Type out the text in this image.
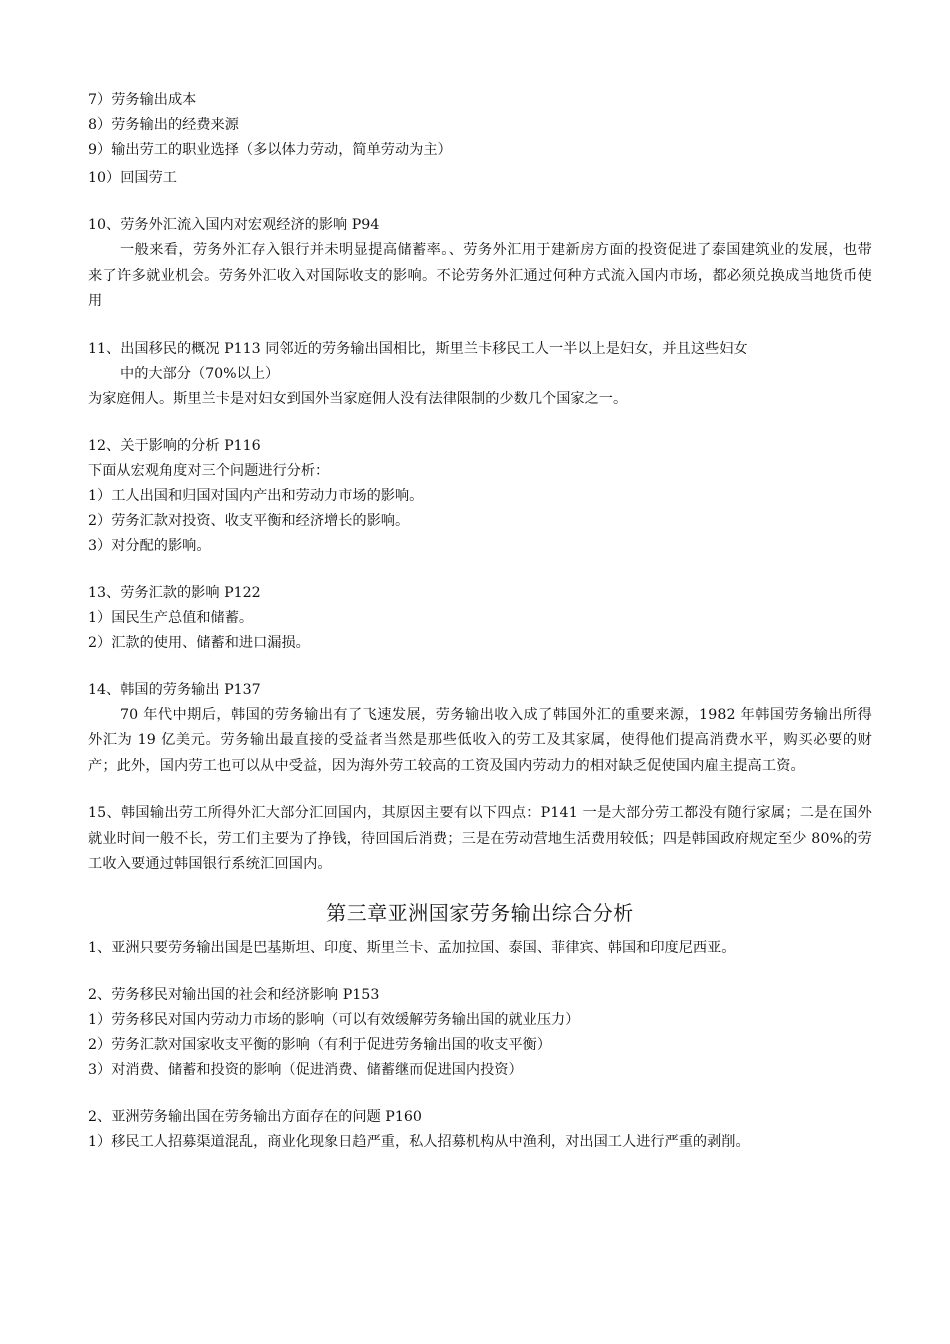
7）劳务输出成本
8）劳务输出的经费来源
9）输出劳工的职业选择（多以体力劳动，简单劳动为主）
10）回国劳工
10、劳务外汇流入国内对宏观经济的影响 P94
一般来看，劳务外汇存入银行并未明显提高储蓄率。、劳务外汇用于建新房方面的投资促进了泰国建筑业的发展，也带来了许多就业机会。劳务外汇收入对国际收支的影响。不论劳务外汇通过何种方式流入国内市场，都必须兑换成当地货币使用
11、出国移民的概况 P113 同邻近的劳务输出国相比，斯里兰卡移民工人一半以上是妇女，并且这些妇女
中的大部分（70%以上）
为家庭佣人。斯里兰卡是对妇女到国外当家庭佣人没有法律限制的少数几个国家之一。
12、关于影响的分析 P116
下面从宏观角度对三个问题进行分析：
1）工人出国和归国对国内产出和劳动力市场的影响。
2）劳务汇款对投资、收支平衡和经济增长的影响。
3）对分配的影响。
13、劳务汇款的影响 P122
1）国民生产总值和储蓄。
2）汇款的使用、储蓄和进口漏损。
14、韩国的劳务输出 P137
70 年代中期后，韩国的劳务输出有了飞速发展，劳务输出收入成了韩国外汇的重要来源，1982 年韩国劳务输出所得外汇为 19 亿美元。劳务输出最直接的受益者当然是那些低收入的劳工及其家属，使得他们提高消费水平，购买必要的财产；此外，国内劳工也可以从中受益，因为海外劳工较高的工资及国内劳动力的相对缺乏促使国内雇主提高工资。
15、韩国输出劳工所得外汇大部分汇回国内，其原因主要有以下四点：P141 一是大部分劳工都没有随行家属；二是在国外就业时间一般不长，劳工们主要为了挣钱，待回国后消费；三是在劳动营地生活费用较低；四是韩国政府规定至少 80%的劳工收入要通过韩国银行系统汇回国内。
第三章亚洲国家劳务输出综合分析
1、亚洲只要劳务输出国是巴基斯坦、印度、斯里兰卡、孟加拉国、泰国、菲律宾、韩国和印度尼西亚。
2、劳务移民对输出国的社会和经济影响 P153
1）劳务移民对国内劳动力市场的影响（可以有效缓解劳务输出国的就业压力）
2）劳务汇款对国家收支平衡的影响（有利于促进劳务输出国的收支平衡）
3）对消费、储蓄和投资的影响（促进消费、储蓄继而促进国内投资）
2、亚洲劳务输出国在劳务输出方面存在的问题 P160
1）移民工人招募渠道混乱，商业化现象日趋严重，私人招募机构从中渔利，对出国工人进行严重的剥削。
